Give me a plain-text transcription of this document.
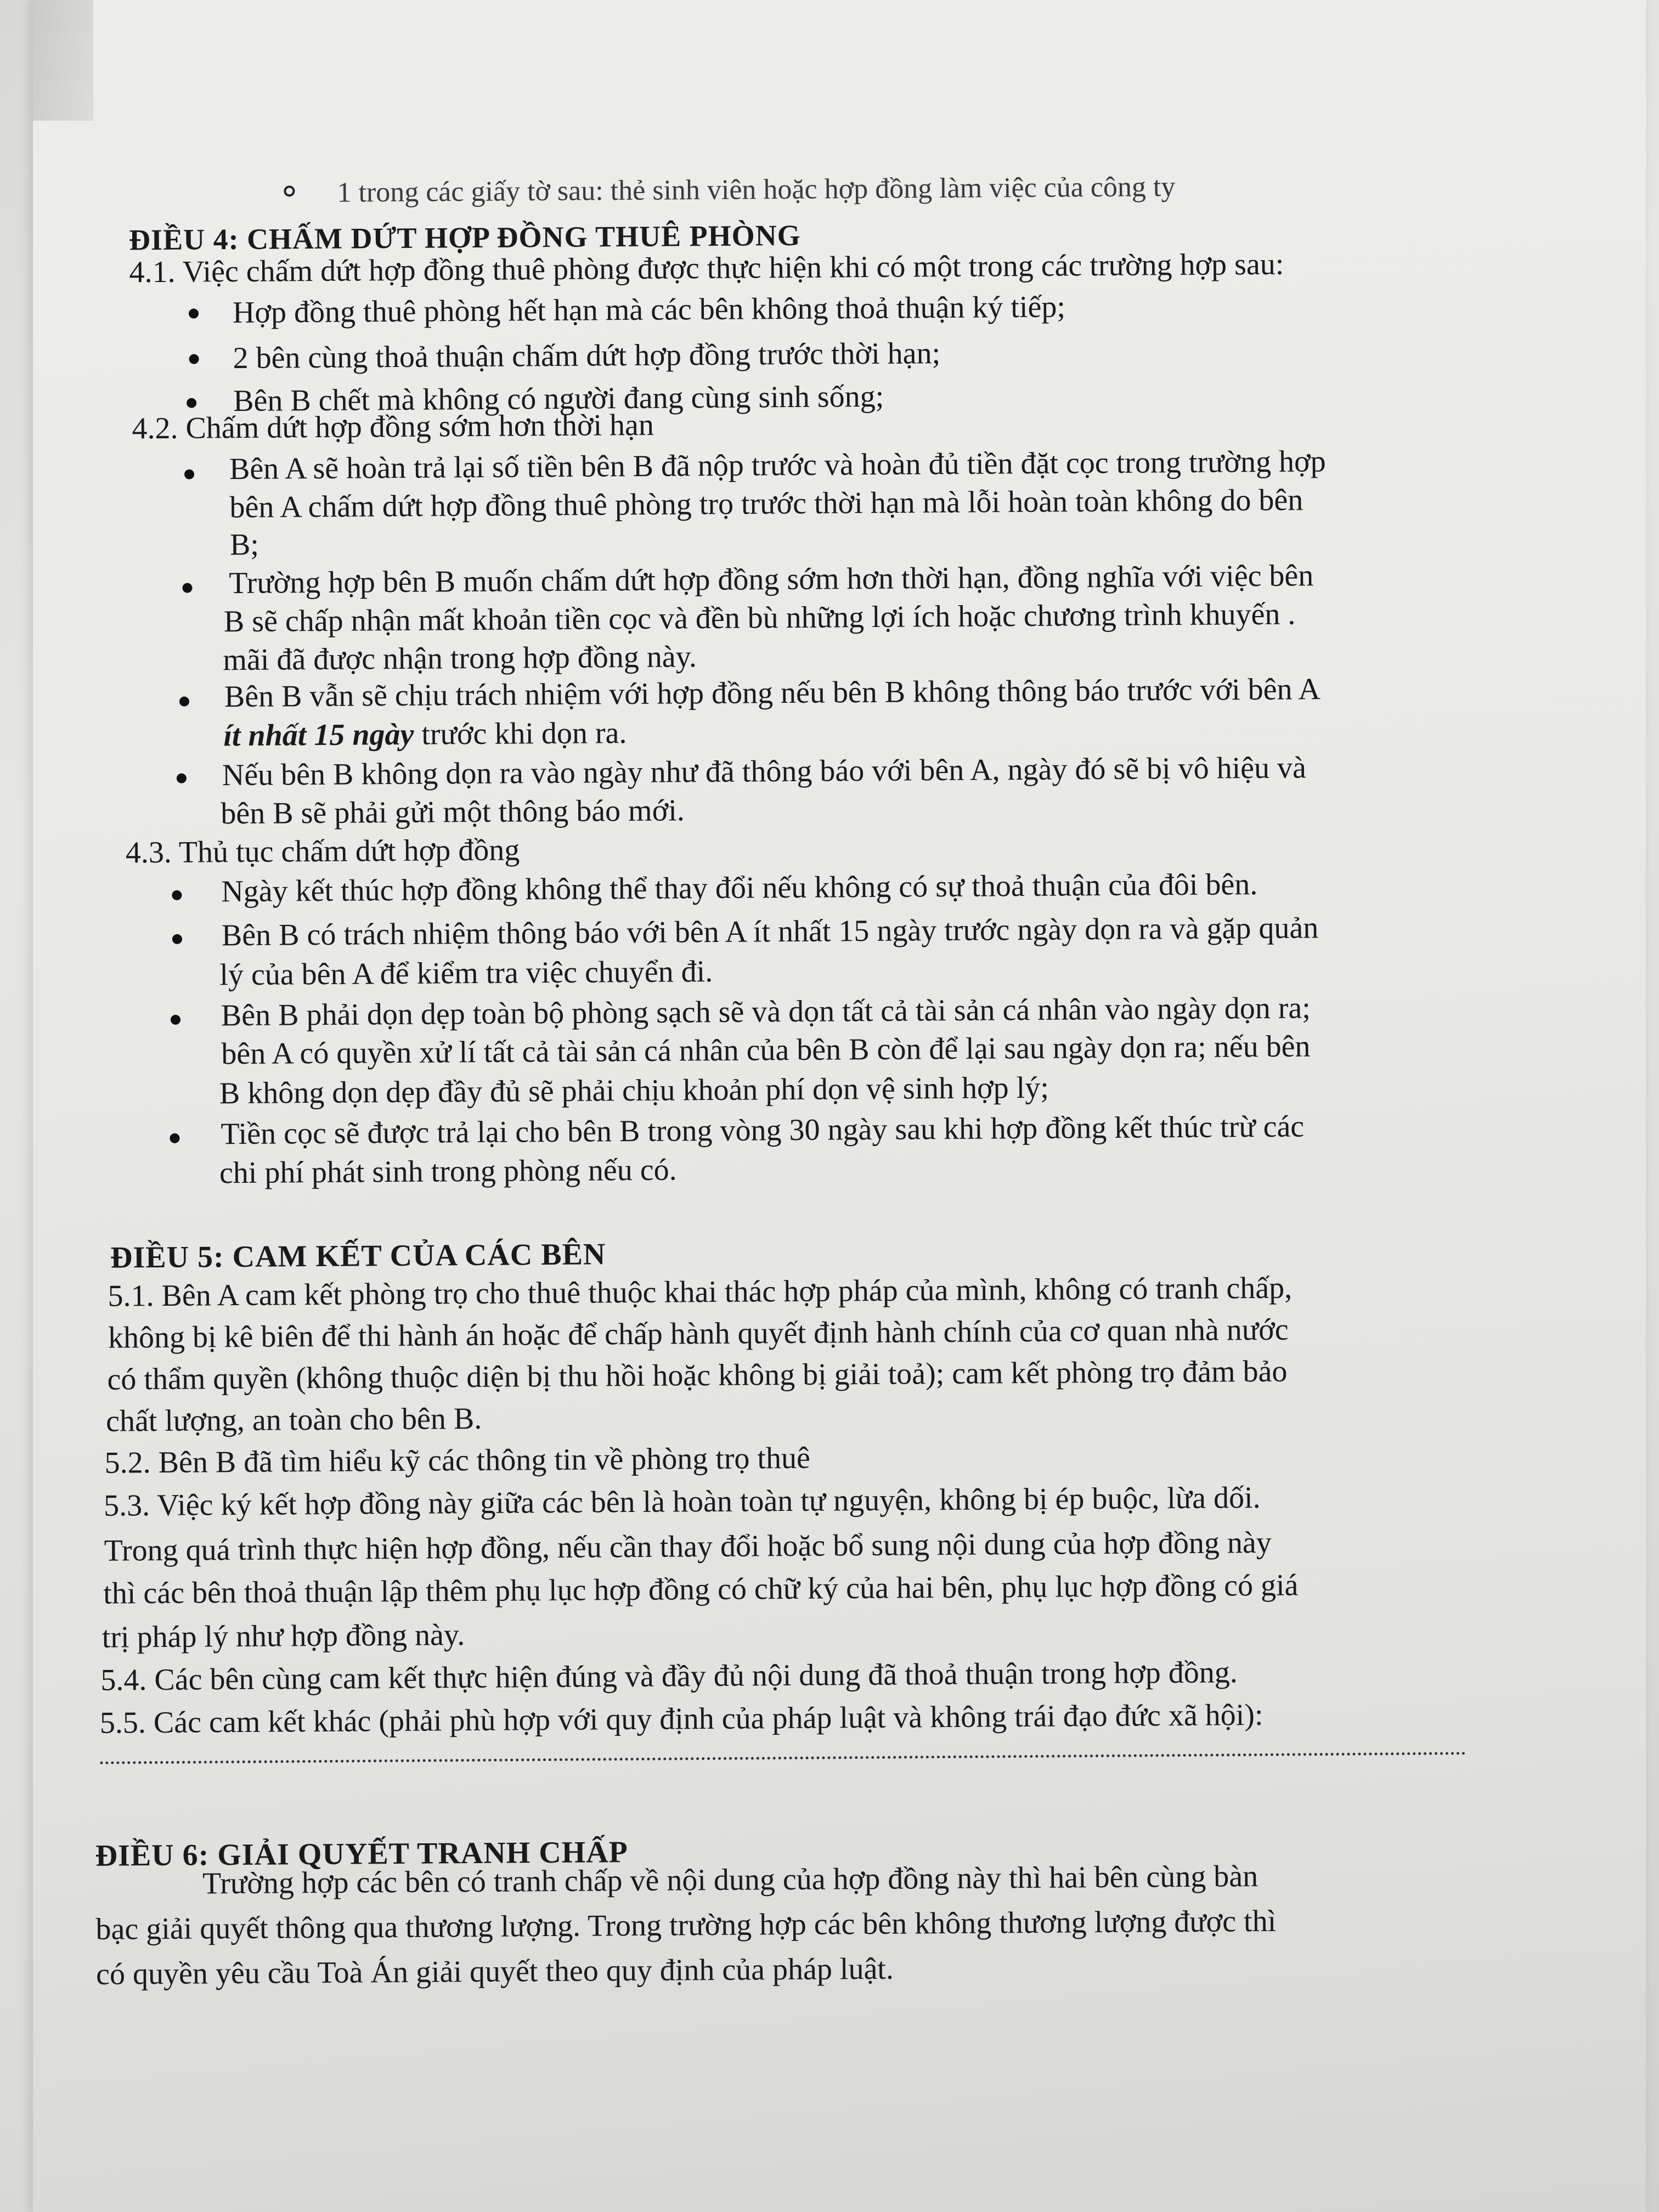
1 trong các giấy tờ sau: thẻ sinh viên hoặc hợp đồng làm việc của công ty
ĐIỀU 4: CHẤM DỨT HỢP ĐỒNG THUÊ PHÒNG
4.1. Việc chấm dứt hợp đồng thuê phòng được thực hiện khi có một trong các trường hợp sau:
Hợp đồng thuê phòng hết hạn mà các bên không thoả thuận ký tiếp;
2 bên cùng thoả thuận chấm dứt hợp đồng trước thời hạn;
Bên B chết mà không có người đang cùng sinh sống;
4.2. Chấm dứt hợp đồng sớm hơn thời hạn
Bên A sẽ hoàn trả lại số tiền bên B đã nộp trước và hoàn đủ tiền đặt cọc trong trường hợp
bên A chấm dứt hợp đồng thuê phòng trọ trước thời hạn mà lỗi hoàn toàn không do bên
B;
Trường hợp bên B muốn chấm dứt hợp đồng sớm hơn thời hạn, đồng nghĩa với việc bên
B sẽ chấp nhận mất khoản tiền cọc và đền bù những lợi ích hoặc chương trình khuyến .
mãi đã được nhận trong hợp đồng này.
Bên B vẫn sẽ chịu trách nhiệm với hợp đồng nếu bên B không thông báo trước với bên A
ít nhất 15 ngày trước khi dọn ra.
Nếu bên B không dọn ra vào ngày như đã thông báo với bên A, ngày đó sẽ bị vô hiệu và
bên B sẽ phải gửi một thông báo mới.
4.3. Thủ tục chấm dứt hợp đồng
Ngày kết thúc hợp đồng không thể thay đổi nếu không có sự thoả thuận của đôi bên.
Bên B có trách nhiệm thông báo với bên A ít nhất 15 ngày trước ngày dọn ra và gặp quản
lý của bên A để kiểm tra việc chuyển đi.
Bên B phải dọn dẹp toàn bộ phòng sạch sẽ và dọn tất cả tài sản cá nhân vào ngày dọn ra;
bên A có quyền xử lí tất cả tài sản cá nhân của bên B còn để lại sau ngày dọn ra; nếu bên
B không dọn dẹp đầy đủ sẽ phải chịu khoản phí dọn vệ sinh hợp lý;
Tiền cọc sẽ được trả lại cho bên B trong vòng 30 ngày sau khi hợp đồng kết thúc trừ các
chi phí phát sinh trong phòng nếu có.
ĐIỀU 5: CAM KẾT CỦA CÁC BÊN
5.1. Bên A cam kết phòng trọ cho thuê thuộc khai thác hợp pháp của mình, không có tranh chấp,
không bị kê biên để thi hành án hoặc để chấp hành quyết định hành chính của cơ quan nhà nước
có thẩm quyền (không thuộc diện bị thu hồi hoặc không bị giải toả); cam kết phòng trọ đảm bảo
chất lượng, an toàn cho bên B.
5.2. Bên B đã tìm hiểu kỹ các thông tin về phòng trọ thuê
5.3. Việc ký kết hợp đồng này giữa các bên là hoàn toàn tự nguyện, không bị ép buộc, lừa dối.
Trong quá trình thực hiện hợp đồng, nếu cần thay đổi hoặc bổ sung nội dung của hợp đồng này
thì các bên thoả thuận lập thêm phụ lục hợp đồng có chữ ký của hai bên, phụ lục hợp đồng có giá
trị pháp lý như hợp đồng này.
5.4. Các bên cùng cam kết thực hiện đúng và đầy đủ nội dung đã thoả thuận trong hợp đồng.
5.5. Các cam kết khác (phải phù hợp với quy định của pháp luật và không trái đạo đức xã hội):
ĐIỀU 6: GIẢI QUYẾT TRANH CHẤP
Trường hợp các bên có tranh chấp về nội dung của hợp đồng này thì hai bên cùng bàn
bạc giải quyết thông qua thương lượng. Trong trường hợp các bên không thương lượng được thì
có quyền yêu cầu Toà Án giải quyết theo quy định của pháp luật.
